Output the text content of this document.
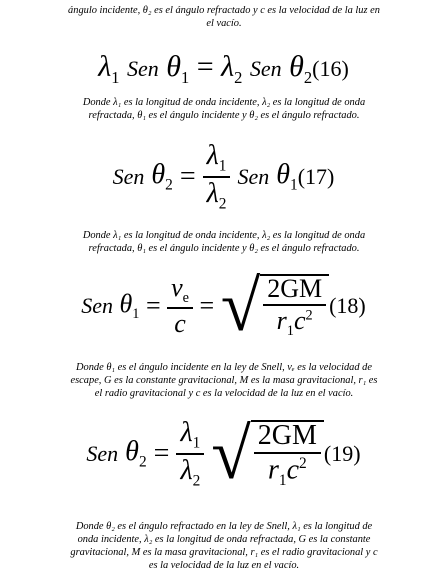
ángulo incidente, θ₂ es el ángulo refractado y c es la velocidad de la luz en
el vacío.
$\lambda_1$ Sen $\theta_1 = \lambda_2$ Sen $\theta_2(16)$
Donde λ₁ es la longitud de onda incidente, λ₂ es la longitud de onda
refractada, θ₁ es el ángulo incidente y θ₂ es el ángulo refractado.
Sen $\theta_2 = \frac{\lambda_1}{\lambda_2}$ Sen $\theta_1(17)$
Donde λ₁ es la longitud de onda incidente, λ₂ es la longitud de onda
refractada, θ₁ es el ángulo incidente y θ₂ es el ángulo refractado.
Sen $\theta_1 = \frac{v_e}{c}$ = √ $\frac{2GM}{r_1c^2} (18)$
Donde θ₁ es el ángulo incidente en la ley de Snell, vₑ es la velocidad de
escape, G es la constante gravitacional, M es la masa gravitacional, r₁ es
el radio gravitacional y c es la velocidad de la luz en el vacío.
Sen $\theta_2 = \frac{\lambda_1}{\lambda_2}$ √ $\frac{2GM}{r_1c^2} (19)$
Donde θ₂ es el ángulo refractado en la ley de Snell, λ₁ es la longitud de
onda incidente, λ₂ es la longitud de onda refractada, G es la constante
gravitacional, M es la masa gravitacional, r₁ es el radio gravitacional y c
es la velocidad de la luz en el vacío.
